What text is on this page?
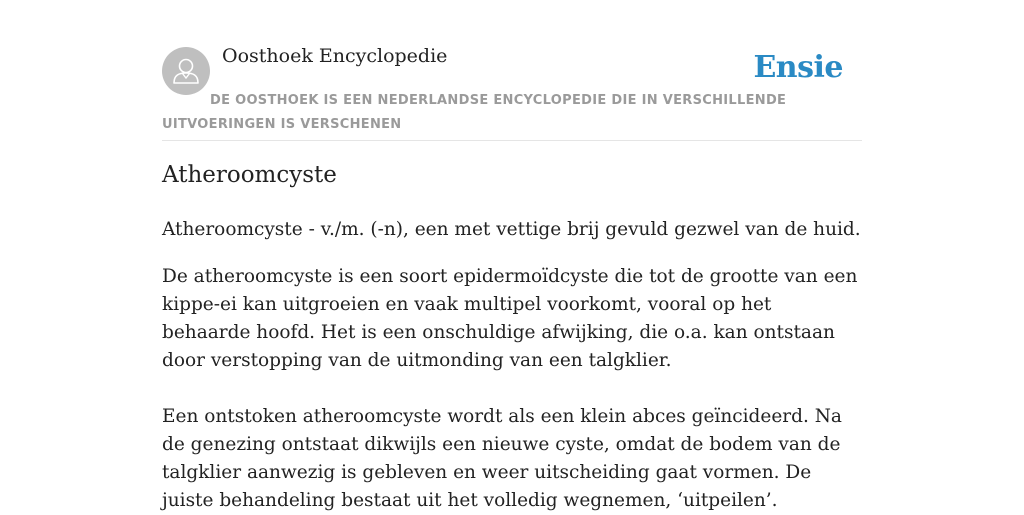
Oosthoek Encyclopedie	Ensie
DE OOSTHOEK IS EEN NEDERLANDSE ENCYCLOPEDIE DIE IN VERSCHILLENDE UITVOERINGEN IS VERSCHENEN
Atheroomcyste

Atheroomcyste - v./m. (-n), een met vettige brij gevuld gezwel van de huid.

De atheroomcyste is een soort epidermoïdcyste die tot de grootte van een kippe-ei kan uitgroeien en vaak multipel voorkomt, vooral op het behaarde hoofd. Het is een onschuldige afwijking, die o.a. kan ontstaan door verstopping van de uitmonding van een talgklier.
Een ontstoken atheroomcyste wordt als een klein abces geïncideerd. Na de genezing ontstaat dikwijls een nieuwe cyste, omdat de bodem van de talgklier aanwezig is gebleven en weer uitscheiding gaat vormen. De juiste behandeling bestaat uit het volledig wegnemen, ‘uitpeilen’.
